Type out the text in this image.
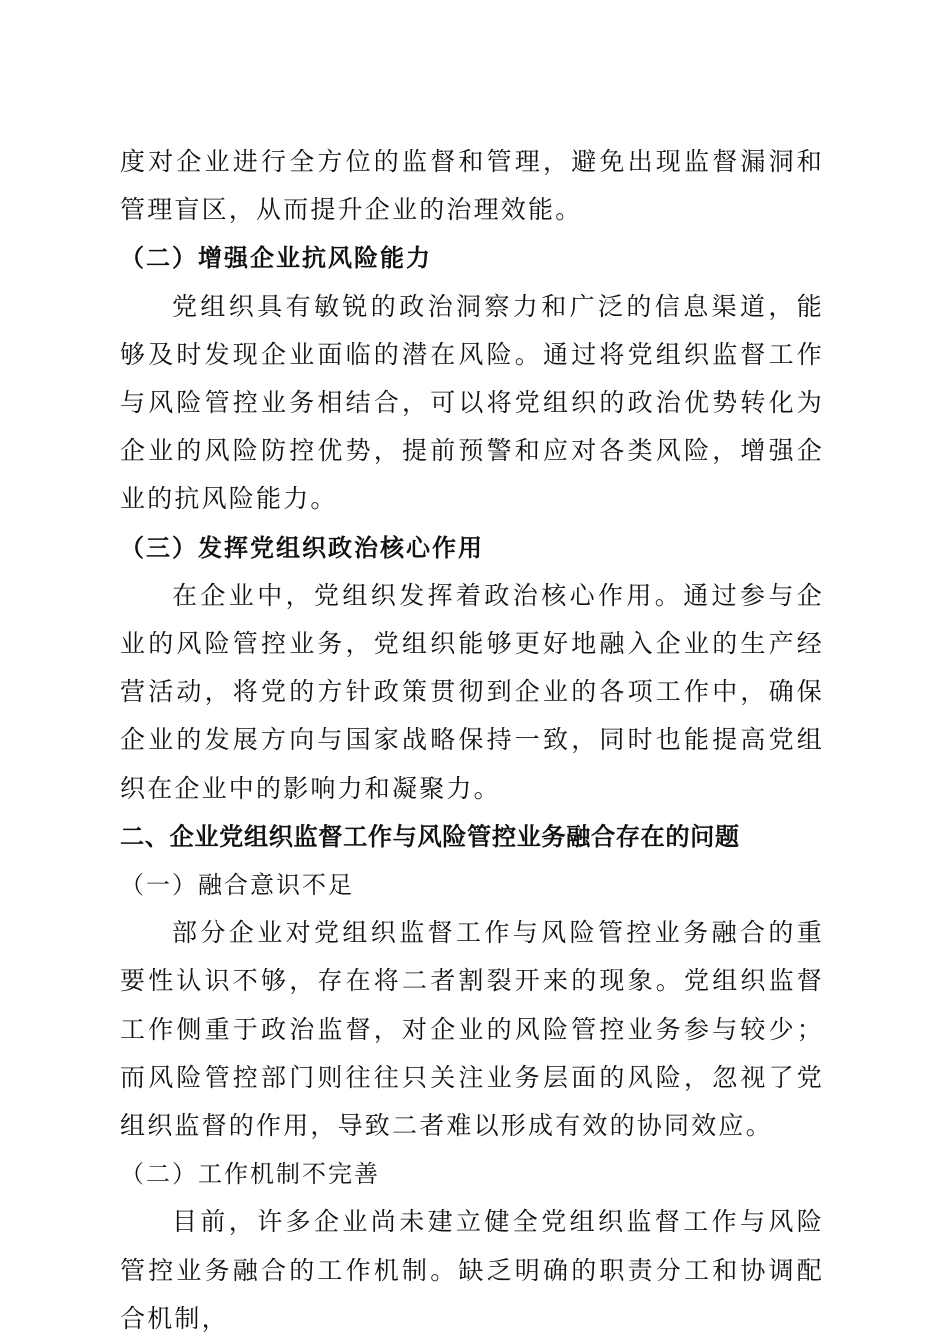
度对企业进行全方位的监督和管理，避免出现监督漏洞和管理盲区，从而提升企业的治理效能。

（二）增强企业抗风险能力

党组织具有敏锐的政治洞察力和广泛的信息渠道，能够及时发现企业面临的潜在风险。通过将党组织监督工作与风险管控业务相结合，可以将党组织的政治优势转化为企业的风险防控优势，提前预警和应对各类风险，增强企业的抗风险能力。

（三）发挥党组织政治核心作用

在企业中，党组织发挥着政治核心作用。通过参与企业的风险管控业务，党组织能够更好地融入企业的生产经营活动，将党的方针政策贯彻到企业的各项工作中，确保企业的发展方向与国家战略保持一致，同时也能提高党组织在企业中的影响力和凝聚力。

二、企业党组织监督工作与风险管控业务融合存在的问题

（一）融合意识不足

部分企业对党组织监督工作与风险管控业务融合的重要性认识不够，存在将二者割裂开来的现象。党组织监督工作侧重于政治监督，对企业的风险管控业务参与较少；而风险管控部门则往往只关注业务层面的风险，忽视了党组织监督的作用，导致二者难以形成有效的协同效应。

（二）工作机制不完善

目前，许多企业尚未建立健全党组织监督工作与风险管控业务融合的工作机制。缺乏明确的职责分工和协调配合机制，
